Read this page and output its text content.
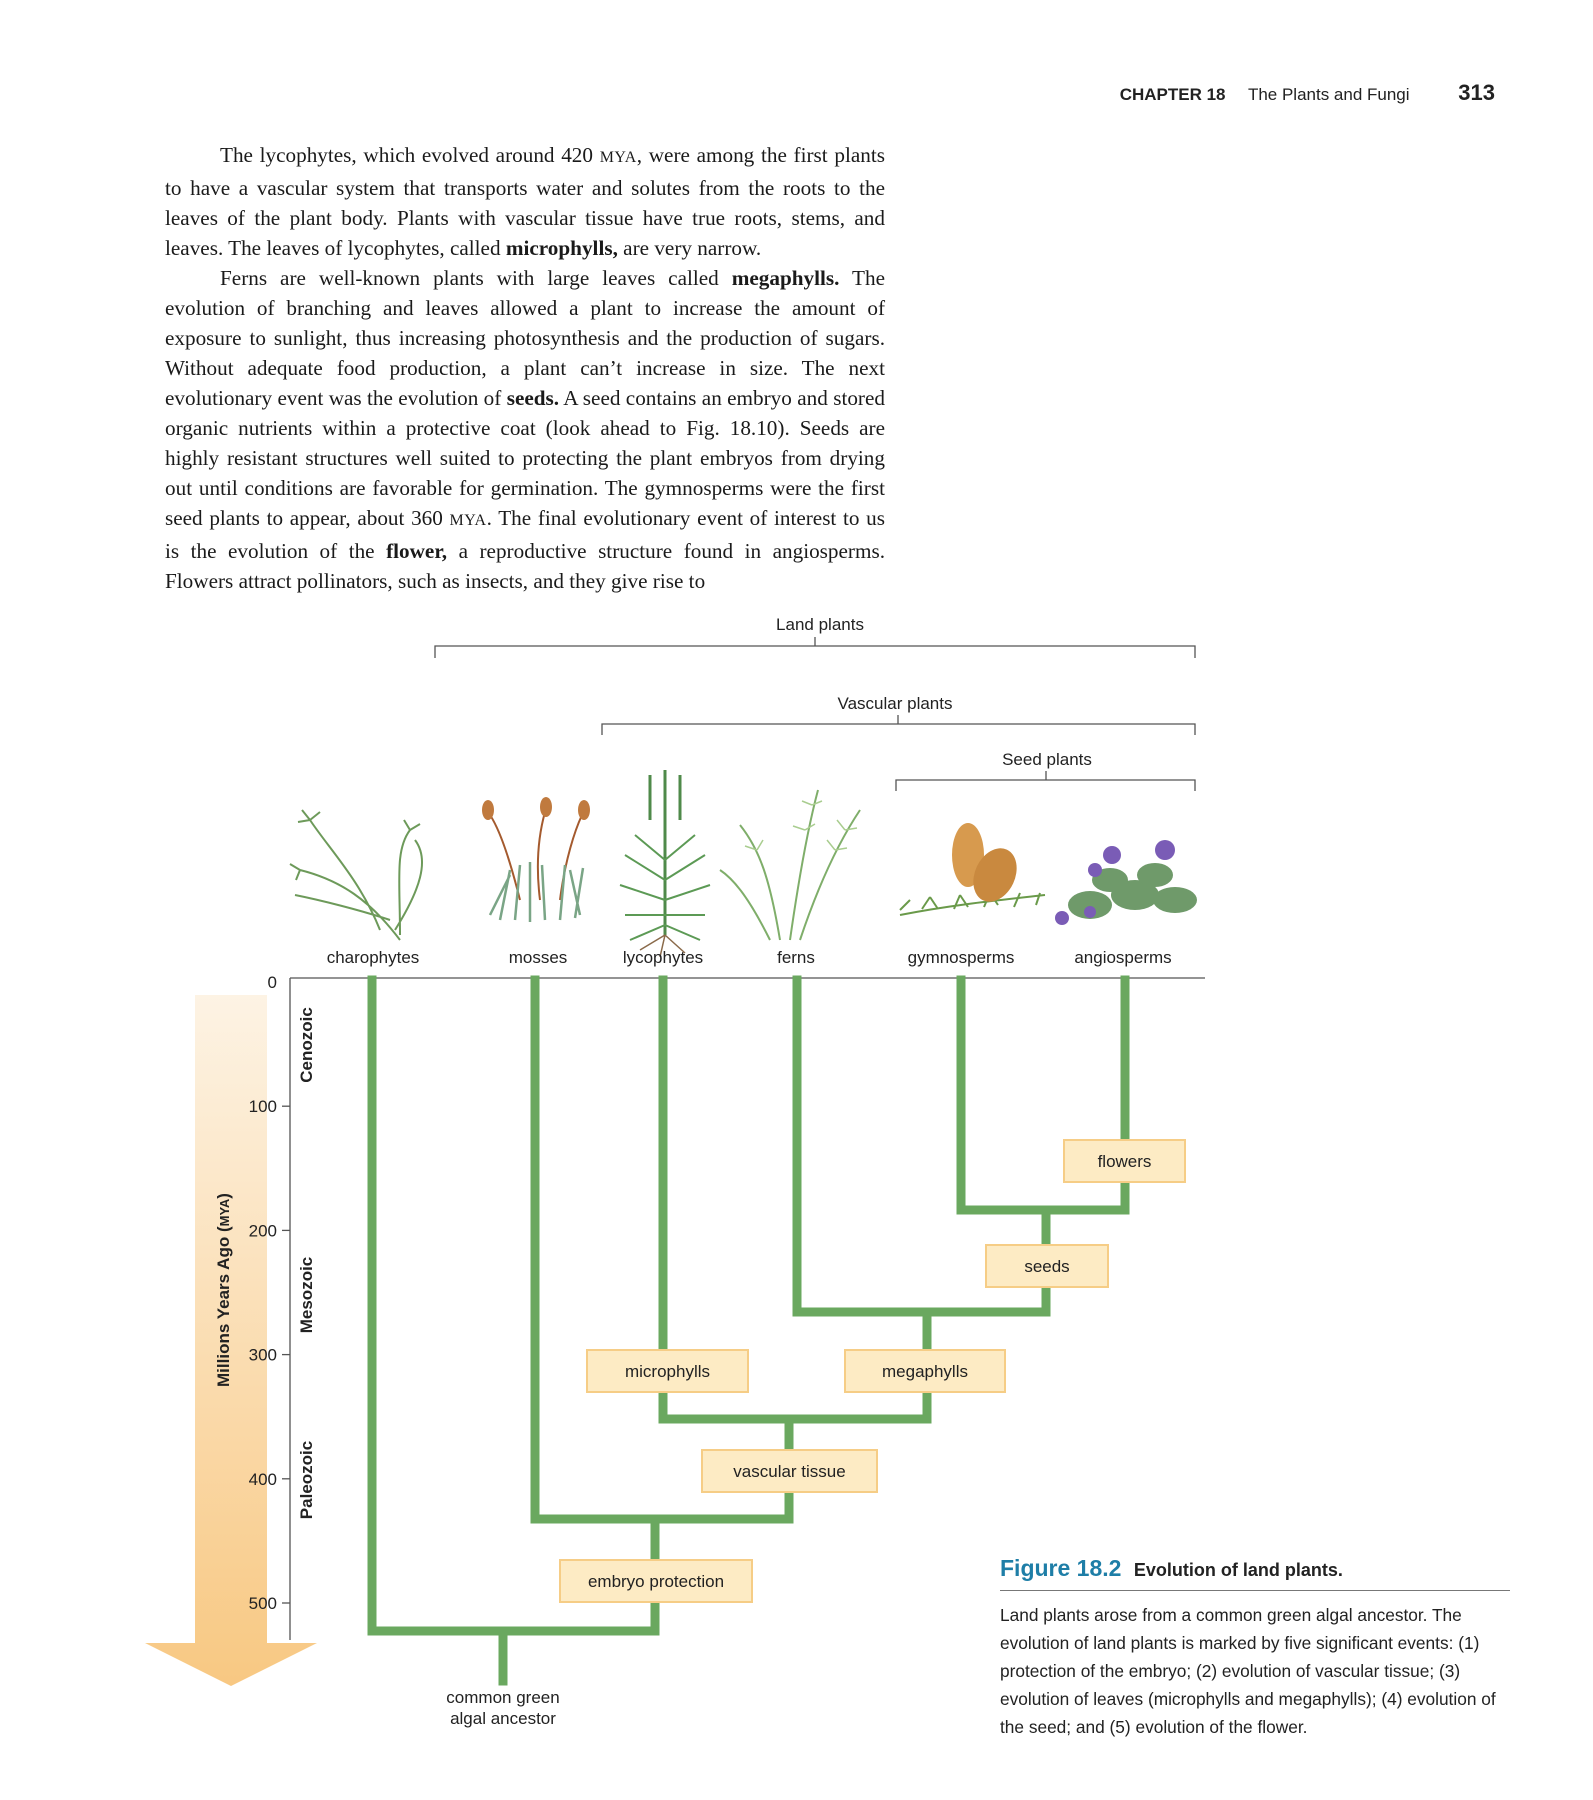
CHAPTER 18 The Plants and Fungi 313

The lycophytes, which evolved around 420 MYA, were among the first plants to have a vascular system that transports water and solutes from the roots to the leaves of the plant body. Plants with vascular tissue have true roots, stems, and leaves. The leaves of lycophytes, called microphylls, are very narrow.

Ferns are well-known plants with large leaves called megaphylls. The evolution of branching and leaves allowed a plant to increase the amount of exposure to sunlight, thus increasing photosynthesis and the production of sugars. Without adequate food production, a plant can’t increase in size. The next evolutionary event was the evolution of seeds. A seed contains an embryo and stored organic nutrients within a protective coat (look ahead to Fig. 18.10). Seeds are highly resistant structures well suited to protecting the plant embryos from drying out until conditions are favorable for germination. The gymnosperms were the first seed plants to appear, about 360 MYA. The final evolutionary event of interest to us is the evolution of the flower, a reproductive structure found in angiosperms. Flowers attract pollinators, such as insects, and they give rise to

Land plants
Vascular plants
Seed plants
0
100
200
300
400
500
Millions Years Ago (MYA)
Cenozoic
Mesozoic
Paleozoic
charophytes	mosses	lycophytes	ferns	gymnosperms	angiosperms
flowers
seeds
microphylls	megaphylls
vascular tissue
embryo protection
common green
algal ancestor
Figure 18.2 Evolution of land plants.
Land plants arose from a common green algal ancestor. The evolution of land plants is marked by five significant events: (1) protection of the embryo; (2) evolution of vascular tissue; (3) evolution of leaves (microphylls and megaphylls); (4) evolution of the seed; and (5) evolution of the flower.
